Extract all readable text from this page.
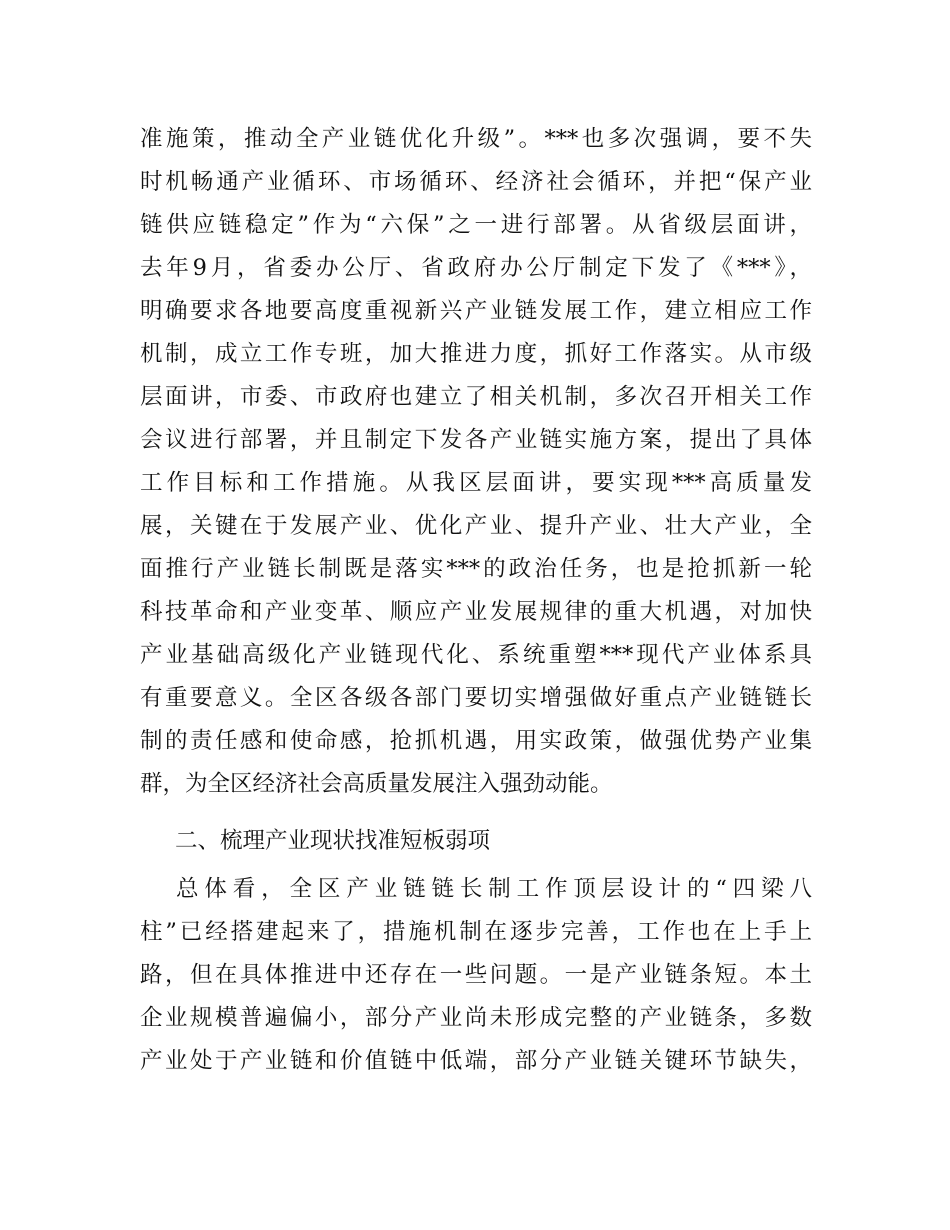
准施策，推动全产业链优化升级”。***也多次强调，要不失
时机畅通产业循环、市场循环、经济社会循环，并把“保产业
链供应链稳定”作为“六保”之一进行部署。从省级层面讲，
去年9月，省委办公厅、省政府办公厅制定下发了《***》，
明确要求各地要高度重视新兴产业链发展工作，建立相应工作
机制，成立工作专班，加大推进力度，抓好工作落实。从市级
层面讲，市委、市政府也建立了相关机制，多次召开相关工作
会议进行部署，并且制定下发各产业链实施方案，提出了具体
工作目标和工作措施。从我区层面讲，要实现***高质量发
展，关键在于发展产业、优化产业、提升产业、壮大产业，全
面推行产业链长制既是落实***的政治任务，也是抢抓新一轮
科技革命和产业变革、顺应产业发展规律的重大机遇，对加快
产业基础高级化产业链现代化、系统重塑***现代产业体系具
有重要意义。全区各级各部门要切实增强做好重点产业链链长
制的责任感和使命感，抢抓机遇，用实政策，做强优势产业集
群，为全区经济社会高质量发展注入强劲动能。
二、梳理产业现状找准短板弱项
总体看，全区产业链链长制工作顶层设计的“四梁八
柱”已经搭建起来了，措施机制在逐步完善，工作也在上手上
路，但在具体推进中还存在一些问题。一是产业链条短。本土
企业规模普遍偏小，部分产业尚未形成完整的产业链条，多数
产业处于产业链和价值链中低端，部分产业链关键环节缺失，
